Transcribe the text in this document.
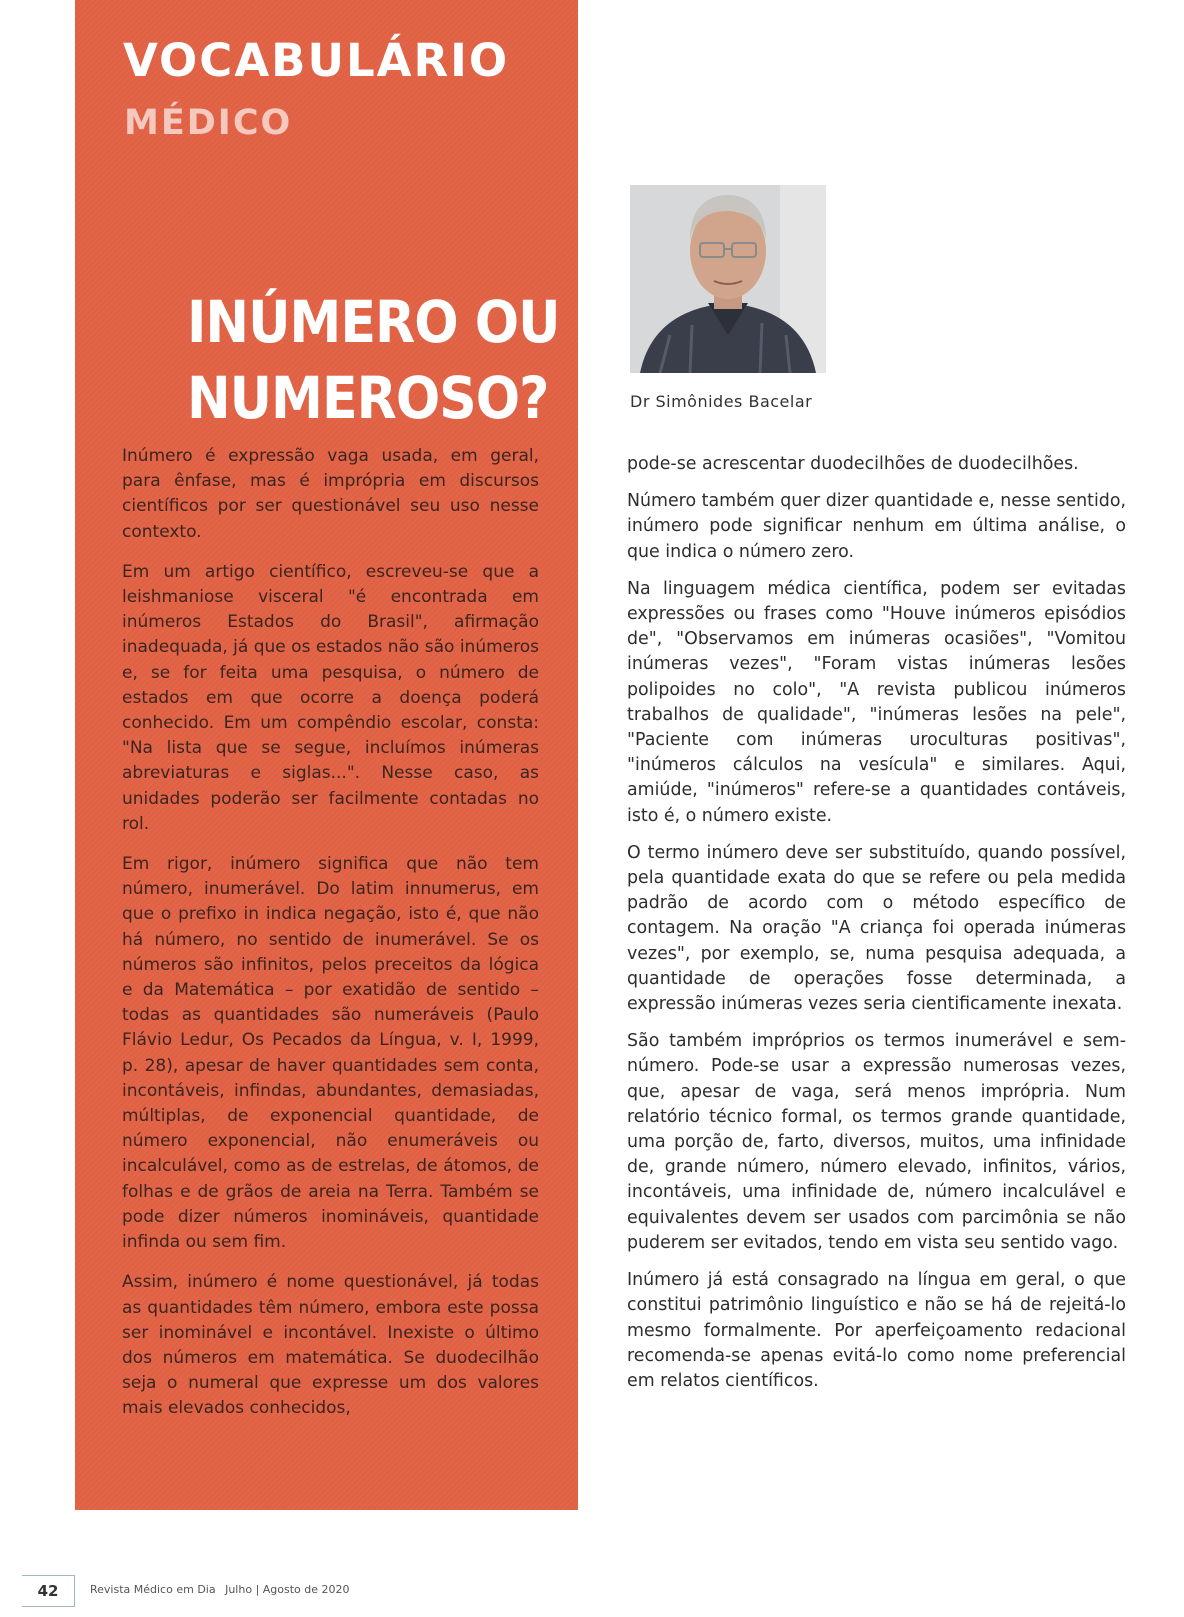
VOCABULÁRIO
MÉDICO
INÚMERO OU
NUMEROSO?

Inúmero é expressão vaga usada, em geral, para ênfase, mas é imprópria em discursos científicos por ser questionável seu uso nesse contexto.

Em um artigo científico, escreveu-se que a leishmaniose visceral "é encontrada em inúmeros Estados do Brasil", afirmação inadequada, já que os estados não são inúmeros e, se for feita uma pesquisa, o número de estados em que ocorre a doença poderá conhecido. Em um compêndio escolar, consta: "Na lista que se segue, incluímos inúmeras abreviaturas e siglas...". Nesse caso, as unidades poderão ser facilmente contadas no rol.

Em rigor, inúmero significa que não tem número, inumerável. Do latim innumerus, em que o prefixo in indica negação, isto é, que não há número, no sentido de inumerável. Se os números são infinitos, pelos preceitos da lógica e da Matemática – por exatidão de sentido – todas as quantidades são numeráveis (Paulo Flávio Ledur, Os Pecados da Língua, v. I, 1999, p. 28), apesar de haver quantidades sem conta, incontáveis, infindas, abundantes, demasiadas, múltiplas, de exponencial quantidade, de número exponencial, não enumeráveis ou incalculável, como as de estrelas, de átomos, de folhas e de grãos de areia na Terra. Também se pode dizer números inomináveis, quantidade infinda ou sem fim.

Assim, inúmero é nome questionável, já todas as quantidades têm número, embora este possa ser inominável e incontável. Inexiste o último dos números em matemática. Se duodecilhão seja o numeral que expresse um dos valores mais elevados conhecidos,

Dr Simônides Bacelar

pode-se acrescentar duodecilhões de duodecilhões.

Número também quer dizer quantidade e, nesse sentido, inúmero pode significar nenhum em última análise, o que indica o número zero.

Na linguagem médica científica, podem ser evitadas expressões ou frases como "Houve inúmeros episódios de", "Observamos em inúmeras ocasiões", "Vomitou inúmeras vezes", "Foram vistas inúmeras lesões polipoides no colo", "A revista publicou inúmeros trabalhos de qualidade", "inúmeras lesões na pele", "Paciente com inúmeras uroculturas positivas", "inúmeros cálculos na vesícula" e similares. Aqui, amiúde, "inúmeros" refere-se a quantidades contáveis, isto é, o número existe.

O termo inúmero deve ser substituído, quando possível, pela quantidade exata do que se refere ou pela medida padrão de acordo com o método específico de contagem. Na oração "A criança foi operada inúmeras vezes", por exemplo, se, numa pesquisa adequada, a quantidade de operações fosse determinada, a expressão inúmeras vezes seria cientificamente inexata.

São também impróprios os termos inumerável e sem-número. Pode-se usar a expressão numerosas vezes, que, apesar de vaga, será menos imprópria. Num relatório técnico formal, os termos grande quantidade, uma porção de, farto, diversos, muitos, uma infinidade de, grande número, número elevado, infinitos, vários, incontáveis, uma infinidade de, número incalculável e equivalentes devem ser usados com parcimônia se não puderem ser evitados, tendo em vista seu sentido vago.

Inúmero já está consagrado na língua em geral, o que constitui patrimônio linguístico e não se há de rejeitá-lo mesmo formalmente. Por aperfeiçoamento redacional recomenda-se apenas evitá-lo como nome preferencial em relatos científicos.

42	Revista Médico em Dia Julho | Agosto de 2020
